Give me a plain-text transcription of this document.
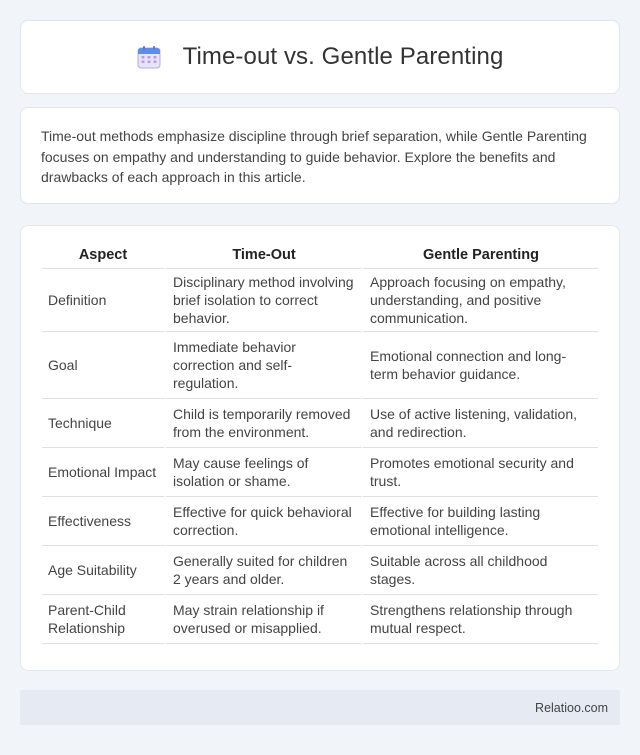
Time-out vs. Gentle Parenting

Time-out methods emphasize discipline through brief separation, while Gentle Parenting focuses on empathy and understanding to guide behavior. Explore the benefits and drawbacks of each approach in this article.

Aspect	Time-Out	Gentle Parenting
Definition	Disciplinary method involving brief isolation to correct behavior.	Approach focusing on empathy, understanding, and positive communication.
Goal	Immediate behavior correction and self-regulation.	Emotional connection and long-term behavior guidance.
Technique	Child is temporarily removed from the environment.	Use of active listening, validation, and redirection.
Emotional Impact	May cause feelings of isolation or shame.	Promotes emotional security and trust.
Effectiveness	Effective for quick behavioral correction.	Effective for building lasting emotional intelligence.
Age Suitability	Generally suited for children 2 years and older.	Suitable across all childhood stages.
Parent-Child Relationship	May strain relationship if overused or misapplied.	Strengthens relationship through mutual respect.
Relatioo.com
